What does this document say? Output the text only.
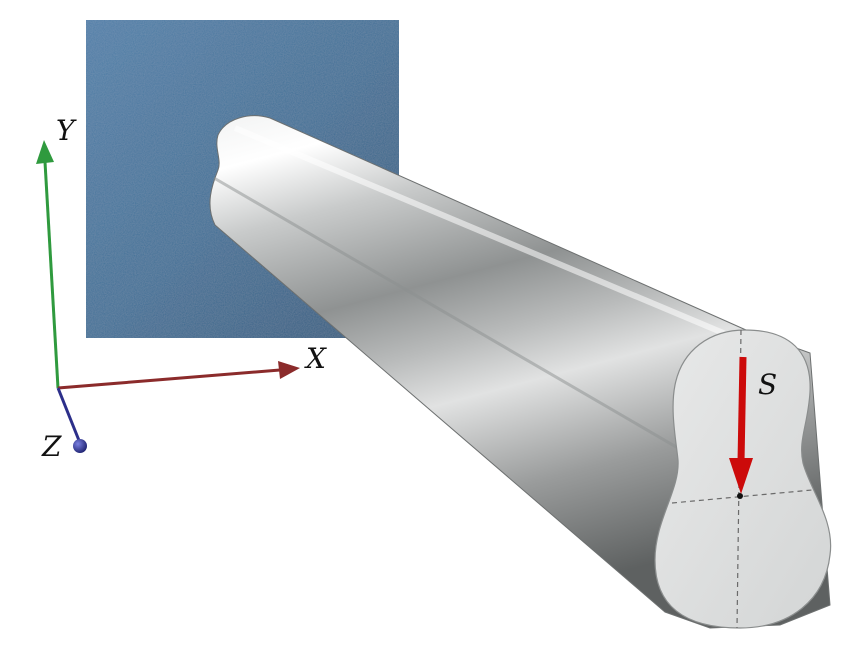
S
Y
X
Z
